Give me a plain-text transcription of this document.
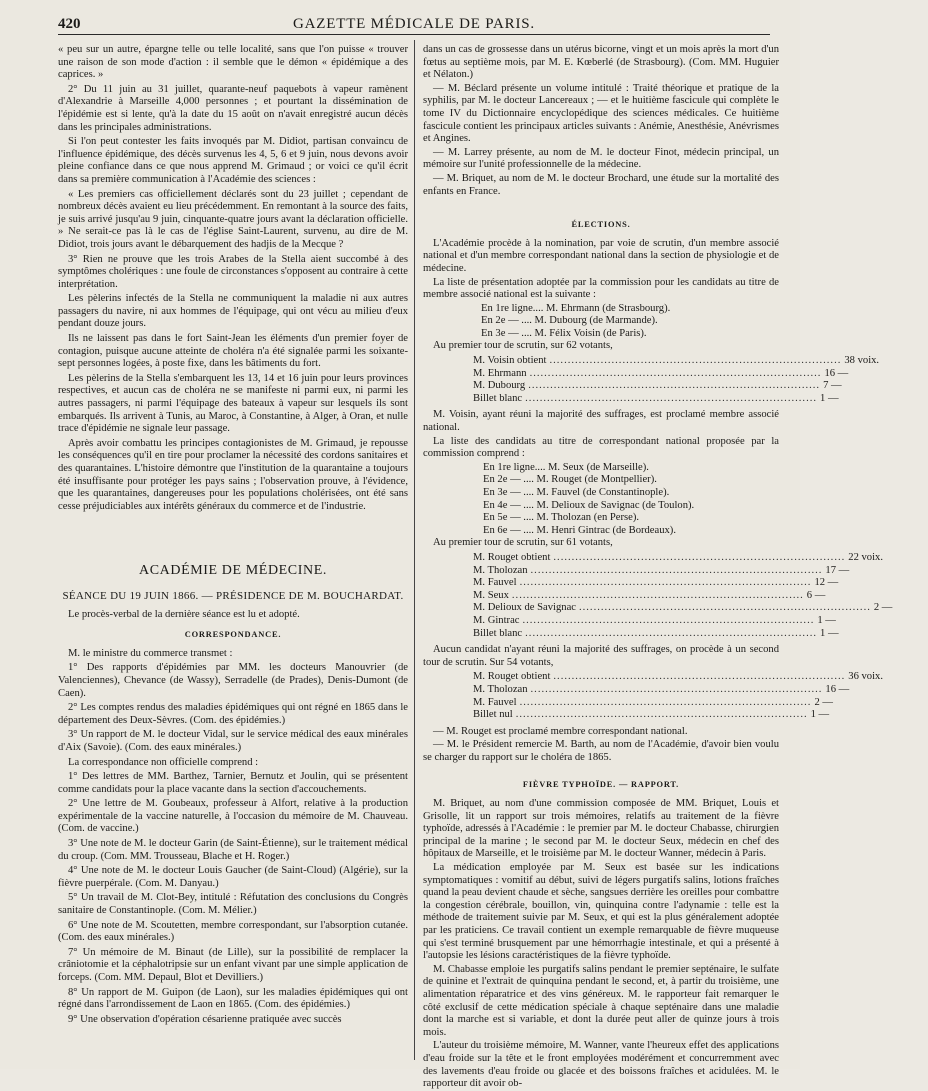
420	GAZETTE MÉDICALE DE PARIS.

« peu sur un autre, épargne telle ou telle localité, sans que l'on puisse « trouver une raison de son mode d'action : il semble que le démon « épidémique a des caprices. »

2° Du 11 juin au 31 juillet, quarante-neuf paquebots à vapeur ramènent d'Alexandrie à Marseille 4,000 personnes ; et pourtant la dissémination de l'épidémie est si lente, qu'à la date du 15 août on n'avait enregistré aucun décès dans les principales administrations.

Si l'on peut contester les faits invoqués par M. Didiot, partisan convaincu de l'influence épidémique, des décès survenus les 4, 5, 6 et 9 juin, nous devons avoir pleine confiance dans ce que nous apprend M. Grimaud ; or voici ce qu'il écrit dans sa première communication à l'Académie des sciences :

« Les premiers cas officiellement déclarés sont du 23 juillet ; cependant de nombreux décès avaient eu lieu précédemment. En remontant à la source des faits, je suis arrivé jusqu'au 9 juin, cinquante-quatre jours avant la déclaration officielle. » Ne serait-ce pas là le cas de l'église Saint-Laurent, survenu, au dire de M. Didiot, trois jours avant le débarquement des hadjis de la Mecque ?

3° Rien ne prouve que les trois Arabes de la Stella aient succombé à des symptômes cholériques : une foule de circonstances s'opposent au contraire à cette interprétation.

Les pèlerins infectés de la Stella ne communiquent la maladie ni aux autres passagers du navire, ni aux hommes de l'équipage, qui ont vécu au milieu d'eux pendant douze jours.

Ils ne laissent pas dans le fort Saint-Jean les éléments d'un premier foyer de contagion, puisque aucune atteinte de choléra n'a été signalée parmi les soixante-sept personnes logées, à poste fixe, dans les bâtiments du fort.

Les pèlerins de la Stella s'embarquent les 13, 14 et 16 juin pour leurs provinces respectives, et aucun cas de choléra ne se manifeste ni parmi eux, ni parmi les autres passagers, ni parmi l'équipage des bateaux à vapeur sur lesquels ils sont embarqués. Ils arrivent à Tunis, au Maroc, à Constantine, à Alger, à Oran, et nulle trace d'épidémie ne signale leur passage.

Après avoir combattu les principes contagionistes de M. Grimaud, je repousse les conséquences qu'il en tire pour proclamer la nécessité des cordons sanitaires et des quarantaines. L'histoire démontre que l'institution de la quarantaine a toujours été insuffisante pour protéger les pays sains ; l'observation prouve, à l'évidence, que les quarantaines, dangereuses pour les populations cholérisées, ont été sans cesse préjudiciables aux intérêts généraux du commerce et de l'industrie.

ACADÉMIE DE MÉDECINE.
SÉANCE DU 19 JUIN 1866. — PRÉSIDENCE DE M. BOUCHARDAT.

Le procès-verbal de la dernière séance est lu et adopté.

CORRESPONDANCE.

M. le ministre du commerce transmet :

1° Des rapports d'épidémies par MM. les docteurs Manouvrier (de Valenciennes), Chevance (de Wassy), Serradelle (de Prades), Denis-Dumont (de Caen).

2° Les comptes rendus des maladies épidémiques qui ont régné en 1865 dans le département des Deux-Sèvres. (Com. des épidémies.)

3° Un rapport de M. le docteur Vidal, sur le service médical des eaux minérales d'Aix (Savoie). (Com. des eaux minérales.)

La correspondance non officielle comprend :

1° Des lettres de MM. Barthez, Tarnier, Bernutz et Joulin, qui se présentent comme candidats pour la place vacante dans la section d'accouchements.

2° Une lettre de M. Goubeaux, professeur à Alfort, relative à la production expérimentale de la vaccine naturelle, à l'occasion du mémoire de M. Chauveau. (Com. de vaccine.)

3° Une note de M. le docteur Garin (de Saint-Étienne), sur le traitement médical du croup. (Com. MM. Trousseau, Blache et H. Roger.)

4° Une note de M. le docteur Louis Gaucher (de Saint-Cloud) (Algérie), sur la fièvre puerpérale. (Com. M. Danyau.)

5° Un travail de M. Clot-Bey, intitulé : Réfutation des conclusions du Congrès sanitaire de Constantinople. (Com. M. Mélier.)

6° Une note de M. Scoutetten, membre correspondant, sur l'absorption cutanée. (Com. des eaux minérales.)

7° Un mémoire de M. Binaut (de Lille), sur la possibilité de remplacer la crâniotomie et la céphalotripsie sur un enfant vivant par une simple application de forceps. (Com. MM. Depaul, Blot et Devilliers.)

8° Un rapport de M. Guipon (de Laon), sur les maladies épidémiques qui ont régné dans l'arrondissement de Laon en 1865. (Com. des épidémies.)

9° Une observation d'opération césarienne pratiquée avec succès

dans un cas de grossesse dans un utérus bicorne, vingt et un mois après la mort d'un fœtus au septième mois, par M. E. Kœberlé (de Strasbourg). (Com. MM. Huguier et Nélaton.)

— M. Béclard présente un volume intitulé : Traité théorique et pratique de la syphilis, par M. le docteur Lancereaux ; — et le huitième fascicule qui complète le tome IV du Dictionnaire encyclopédique des sciences médicales. Ce huitième fascicule contient les principaux articles suivants : Anémie, Anesthésie, Anévrismes et Angines.

— M. Larrey présente, au nom de M. le docteur Finot, médecin principal, un mémoire sur l'unité professionnelle de la médecine.

— M. Briquet, au nom de M. le docteur Brochard, une étude sur la mortalité des enfants en France.

ÉLECTIONS.

L'Académie procède à la nomination, par voie de scrutin, d'un membre associé national et d'un membre correspondant national dans la section de physiologie et de médecine.

La liste de présentation adoptée par la commission pour les candidats au titre de membre associé national est la suivante :

En 1re ligne.... M. Ehrmann (de Strasbourg).
En 2e — .... M. Dubourg (de Marmande).
En 3e — .... M. Félix Voisin (de Paris).

Au premier tour de scrutin, sur 62 votants,

M. Voisin obtient .....	38 voix.
M. Ehrmann .....	16 —
M. Dubourg .....	7 —
Billet blanc .....	1 —

M. Voisin, ayant réuni la majorité des suffrages, est proclamé membre associé national.

La liste des candidats au titre de correspondant national proposée par la commission comprend :

En 1re ligne.... M. Seux (de Marseille).
En 2e — .... M. Rouget (de Montpellier).
En 3e — .... M. Fauvel (de Constantinople).
En 4e — .... M. Delioux de Savignac (de Toulon).
En 5e — .... M. Tholozan (en Perse).
En 6e — .... M. Henri Gintrac (de Bordeaux).

Au premier tour de scrutin, sur 61 votants,

M. Rouget obtient .....	22 voix.
M. Tholozan .....	17 —
M. Fauvel .....	12 —
M. Seux .....	6 —
M. Delioux de Savignac .....	2 —
M. Gintrac .....	1 —
Billet blanc .....	1 —

Aucun candidat n'ayant réuni la majorité des suffrages, on procède à un second tour de scrutin. Sur 54 votants,

M. Rouget obtient .....	36 voix.
M. Tholozan .....	16 —
M. Fauvel .....	2 —
Billet nul .....	1 —

— M. Rouget est proclamé membre correspondant national.

— M. le Président remercie M. Barth, au nom de l'Académie, d'avoir bien voulu se charger du rapport sur le choléra de 1865.

FIÈVRE TYPHOÏDE. — RAPPORT.

M. Briquet, au nom d'une commission composée de MM. Briquet, Louis et Grisolle, lit un rapport sur trois mémoires, relatifs au traitement de la fièvre typhoïde, adressés à l'Académie : le premier par M. le docteur Chabasse, chirurgien principal de la marine ; le second par M. le docteur Seux, médecin en chef des hôpitaux de Marseille, et le troisième par M. le docteur Wanner, médecin à Paris.

La médication employée par M. Seux est basée sur les indications symptomatiques : vomitif au début, suivi de légers purgatifs salins, lotions fraîches quand la peau devient chaude et sèche, sangsues derrière les oreilles pour combattre la congestion cérébrale, bouillon, vin, quinquina contre l'adynamie : telle est la méthode de traitement suivie par M. Seux, et qui est la plus généralement adoptée par les praticiens. Ce travail contient un exemple remarquable de fièvre muqueuse qui s'est terminé brusquement par une hémorrhagie intestinale, et qui a présenté à l'autopsie les lésions caractéristiques de la fièvre typhoïde.

M. Chabasse emploie les purgatifs salins pendant le premier septénaire, le sulfate de quinine et l'extrait de quinquina pendant le second, et, à partir du troisième, une alimentation réparatrice et des vins généreux. M. le rapporteur fait remarquer le côté exclusif de cette médication spéciale à chaque septénaire dans une maladie dont la marche est si variable, et dont la durée peut aller de quinze jours à trois mois.

L'auteur du troisième mémoire, M. Wanner, vante l'heureux effet des applications d'eau froide sur la tête et le front employées modérément et concurremment avec des lavements d'eau froide ou glacée et des boissons fraîches et acidulées. M. le rapporteur dit avoir ob-
